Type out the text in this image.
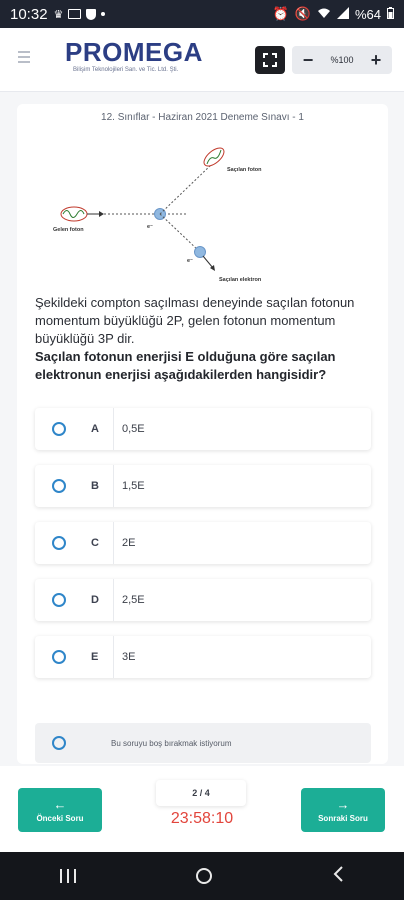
10:32 ♛	⏰ 🔇	%64
PROMEGA
Bilişim Teknolojileri San. ve Tic. Ltd. Şti.	−	%100 +
12. Sınıflar - Haziran 2021 Deneme Sınavı - 1
Gelen foton
Saçılan foton
Saçılan elektron
e⁻
e⁻
Şekildeki compton saçılması deneyinde saçılan fotonun momentum büyüklüğü 2P, gelen fotonun momentum büyüklüğü 3P dir.
Saçılan fotonun enerjisi E olduğuna göre saçılan elektronun enerjisi aşağıdakilerden hangisidir?
A	0,5E
B	1,5E
C	2E
D	2,5E
E	3E
Bu soruyu boş bırakmak istiyorum
←
Önceki Soru
2 / 4
23:58:10
→
Sonraki Soru
